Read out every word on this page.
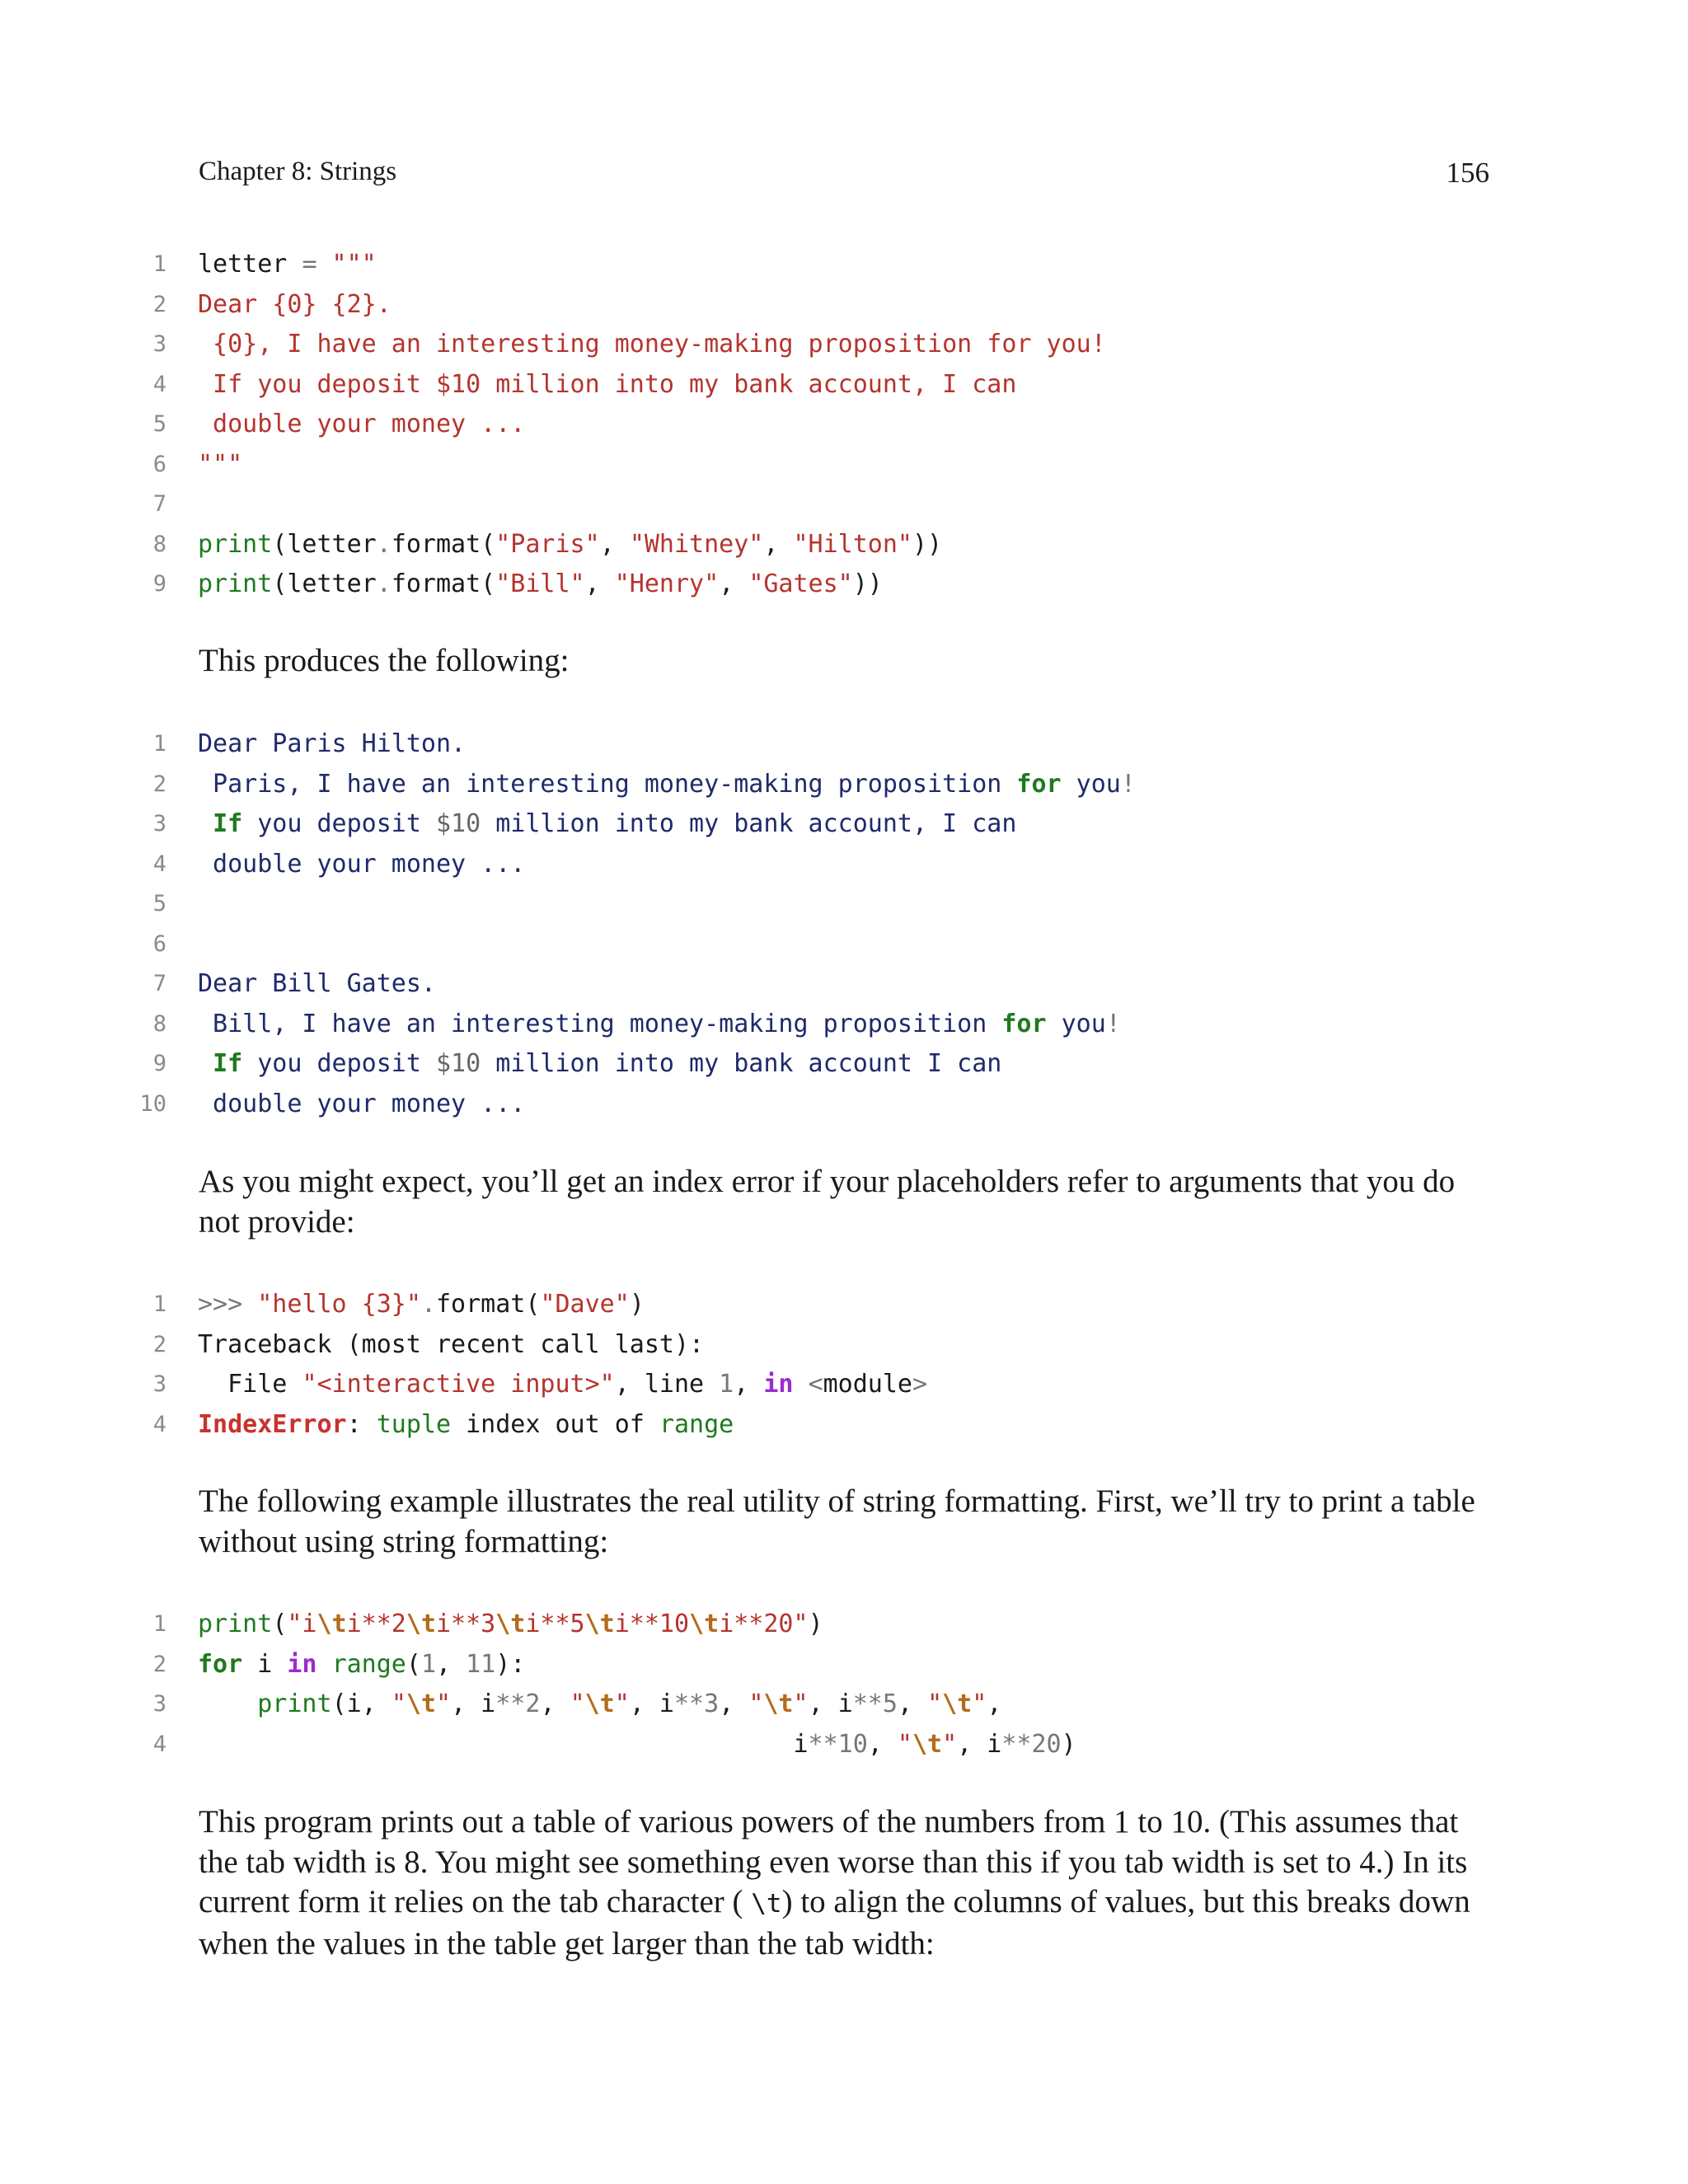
Chapter 8: Strings	156
1 letter = """
2 Dear {0} {2}.
3 {0}, I have an interesting money-making proposition for you!
4 If you deposit $10 million into my bank account, I can
5 double your money ...
6 """
7
8 print(letter.format("Paris", "Whitney", "Hilton"))
9 print(letter.format("Bill", "Henry", "Gates"))

This produces the following:

1 Dear Paris Hilton.
2 Paris, I have an interesting money-making proposition for you!
3	If you deposit $10 million into my bank account, I can
4 double your money ...
5
6
7 Dear Bill Gates.
8 Bill, I have an interesting money-making proposition for you!
9	If you deposit $10 million into my bank account I can
10 double your money ...

As you might expect, you’ll get an index error if your placeholders refer to arguments that you do not provide:

1 >>> "hello {3}".format("Dave")
2 Traceback (most recent call last):
3 File "<interactive input>", line 1, in <module>
4 IndexError: tuple index out of range

The following example illustrates the real utility of string formatting. First, we’ll try to print a table without using string formatting:

1 print("i\ti**2\ti**3\ti**5\ti**10\ti**20")
2 for i in range(1, 11):
3	print(i, "\t", i**2, "\t", i**3, "\t", i**5, "\t",
4 i**10, "\t", i**20)

This program prints out a table of various powers of the numbers from 1 to 10. (This assumes that the tab width is 8. You might see something even worse than this if you tab width is set to 4.) In its current form it relies on the tab character ( \t) to align the columns of values, but this breaks down when the values in the table get larger than the tab width:
